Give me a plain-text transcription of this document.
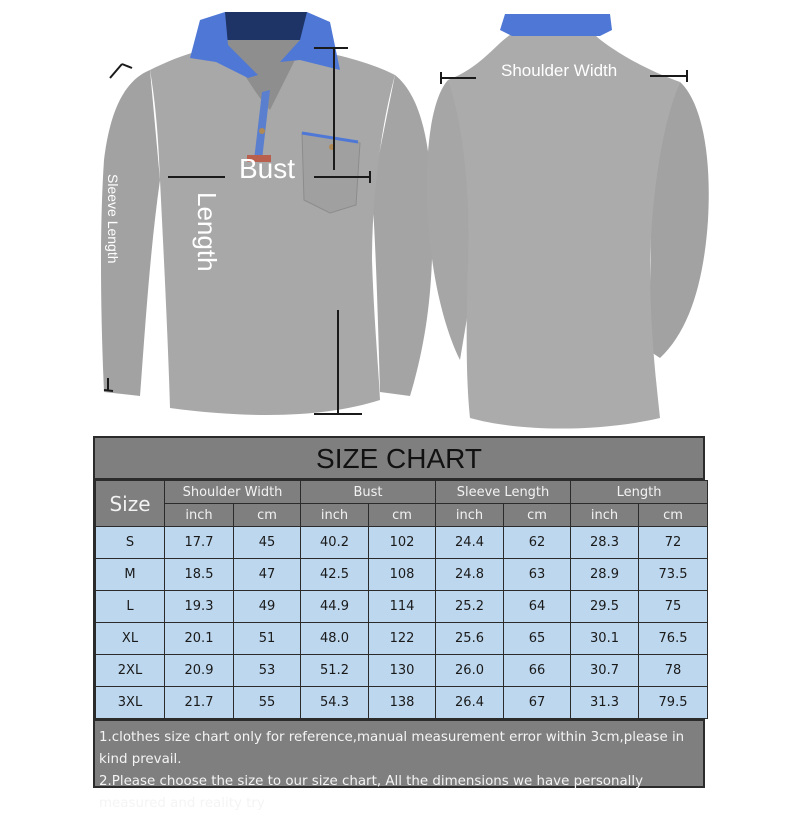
Bust
Length
Sleeve Length
Shoulder Width
SIZE CHART
Size	Shoulder Width		Bust		Sleeve Length		Length	
	inch	cm	inch	cm	inch	cm	inch	cm
S	17.7	45	40.2	102	24.4	62	28.3	72
M	18.5	47	42.5	108	24.8	63	28.9	73.5
L	19.3	49	44.9	114	25.2	64	29.5	75
XL	20.1	51	48.0	122	25.6	65	30.1	76.5
2XL	20.9	53	51.2	130	26.0	66	30.7	78
3XL	21.7	55	54.3	138	26.4	67	31.3	79.5

1.clothes size chart only for reference,manual measurement error within 3cm,please in kind prevail.

2.Please choose the size to our size chart, All the dimensions we have personally measured and reality try
